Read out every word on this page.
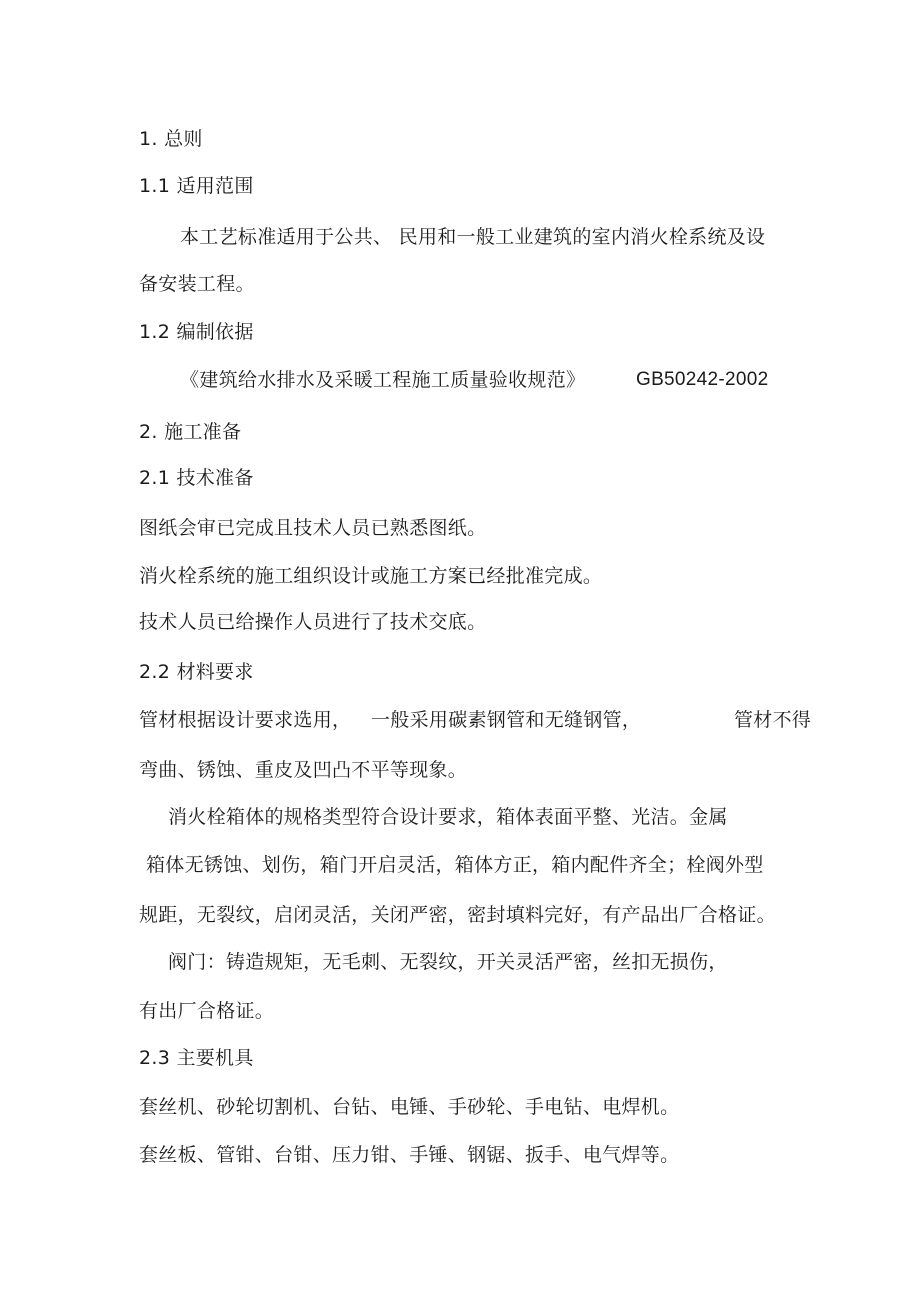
1. 总则
1.1 适用范围
本工艺标准适用于公共、 民用和一般工业建筑的室内消火栓系统及设
备安装工程。
1.2 编制依据
《建筑给水排水及采暖工程施工质量验收规范》	GB50242-2002
2. 施工准备
2.1 技术准备
图纸会审已完成且技术人员已熟悉图纸。
消火栓系统的施工组织设计或施工方案已经批准完成。
技术人员已给操作人员进行了技术交底。
2.2 材料要求
管材根据设计要求选用， 一般采用碳素钢管和无缝钢管，	管材不得
弯曲、锈蚀、重皮及凹凸不平等现象。
消火栓箱体的规格类型符合设计要求，箱体表面平整、光洁。金属
箱体无锈蚀、划伤，箱门开启灵活，箱体方正，箱内配件齐全；栓阀外型
规距，无裂纹，启闭灵活，关闭严密，密封填料完好，有产品出厂合格证。
阀门：铸造规矩，无毛刺、无裂纹，开关灵活严密，丝扣无损伤，
有出厂合格证。
2.3 主要机具
套丝机、砂轮切割机、台钻、电锤、手砂轮、手电钻、电焊机。
套丝板、管钳、台钳、压力钳、手锤、钢锯、扳手、电气焊等。
